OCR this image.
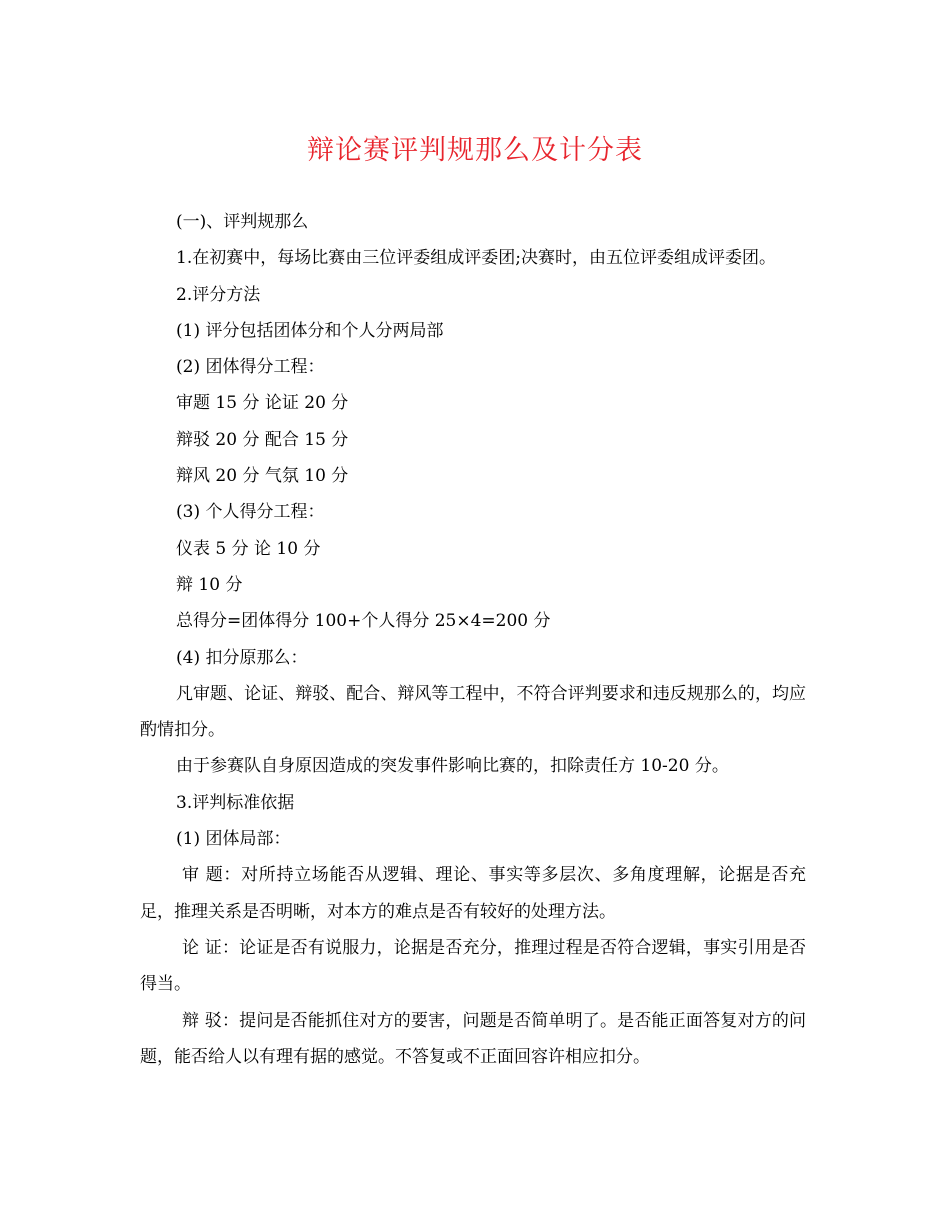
辩论赛评判规那么及计分表

(一)、评判规那么

1.在初赛中，每场比赛由三位评委组成评委团;决赛时，由五位评委组成评委团。

2.评分方法

(1) 评分包括团体分和个人分两局部

(2) 团体得分工程：

审题 15 分 论证 20 分

辩驳 20 分 配合 15 分

辩风 20 分 气氛 10 分

(3) 个人得分工程：

仪表 5 分 论 10 分

辩 10 分

总得分=团体得分 100+个人得分 25×4=200 分

(4) 扣分原那么：

凡审题、论证、辩驳、配合、辩风等工程中，不符合评判要求和违反规那么的，均应酌情扣分。

由于参赛队自身原因造成的突发事件影响比赛的，扣除责任方 10-20 分。

3.评判标准依据

(1) 团体局部：

审 题：对所持立场能否从逻辑、理论、事实等多层次、多角度理解，论据是否充足，推理关系是否明晰，对本方的难点是否有较好的处理方法。

论 证：论证是否有说服力，论据是否充分，推理过程是否符合逻辑，事实引用是否得当。

辩 驳：提问是否能抓住对方的要害，问题是否简单明了。是否能正面答复对方的问题，能否给人以有理有据的感觉。不答复或不正面回容许相应扣分。
